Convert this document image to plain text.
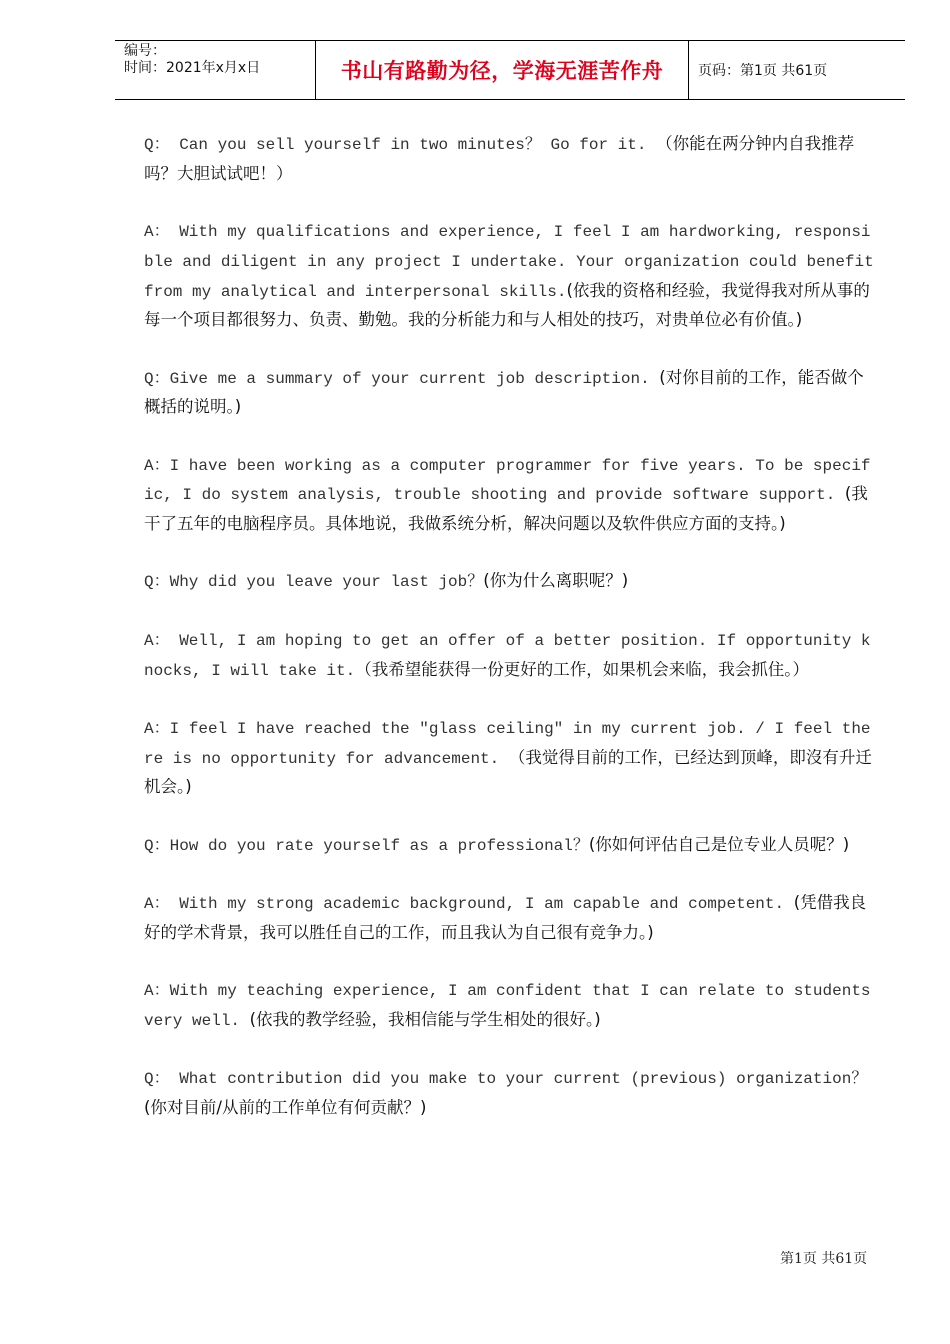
编号：
时间：2021年x月x日	书山有路勤为径，学海无涯苦作舟	页码：第1页 共61页

Q： Can you sell yourself in two minutes？ Go for it. （你能在两分钟内自我推荐吗？大胆试试吧！）

A： With my qualifications and experience, I feel I am hardworking, responsible and diligent in any project I undertake. Your organization could benefit from my analytical and interpersonal skills.(依我的资格和经验，我觉得我对所从事的每一个项目都很努力、负责、勤勉。我的分析能力和与人相处的技巧，对贵单位必有价值。)

Q：Give me a summary of your current job description. (对你目前的工作，能否做个概括的说明。)

A：I have been working as a computer programmer for five years. To be specific, I do system analysis, trouble shooting and provide software support. (我干了五年的电脑程序员。具体地说，我做系统分析，解决问题以及软件供应方面的支持。)

Q：Why did you leave your last job？(你为什么离职呢？)

A： Well, I am hoping to get an offer of a better position. If opportunity knocks, I will take it.（我希望能获得一份更好的工作，如果机会来临，我会抓住。）

A：I feel I have reached the "glass ceiling" in my current job. / I feel there is no opportunity for advancement. （我觉得目前的工作，已经达到顶峰，即沒有升迁机会。)

Q：How do you rate yourself as a professional？(你如何评估自己是位专业人员呢？)

A： With my strong academic background, I am capable and competent. (凭借我良好的学术背景，我可以胜任自己的工作，而且我认为自己很有竞争力。)

A：With my teaching experience, I am confident that I can relate to students very well. (依我的教学经验，我相信能与学生相处的很好。)

Q： What contribution did you make to your current (previous) organization？(你对目前/从前的工作单位有何贡献？)

第1页 共61页
